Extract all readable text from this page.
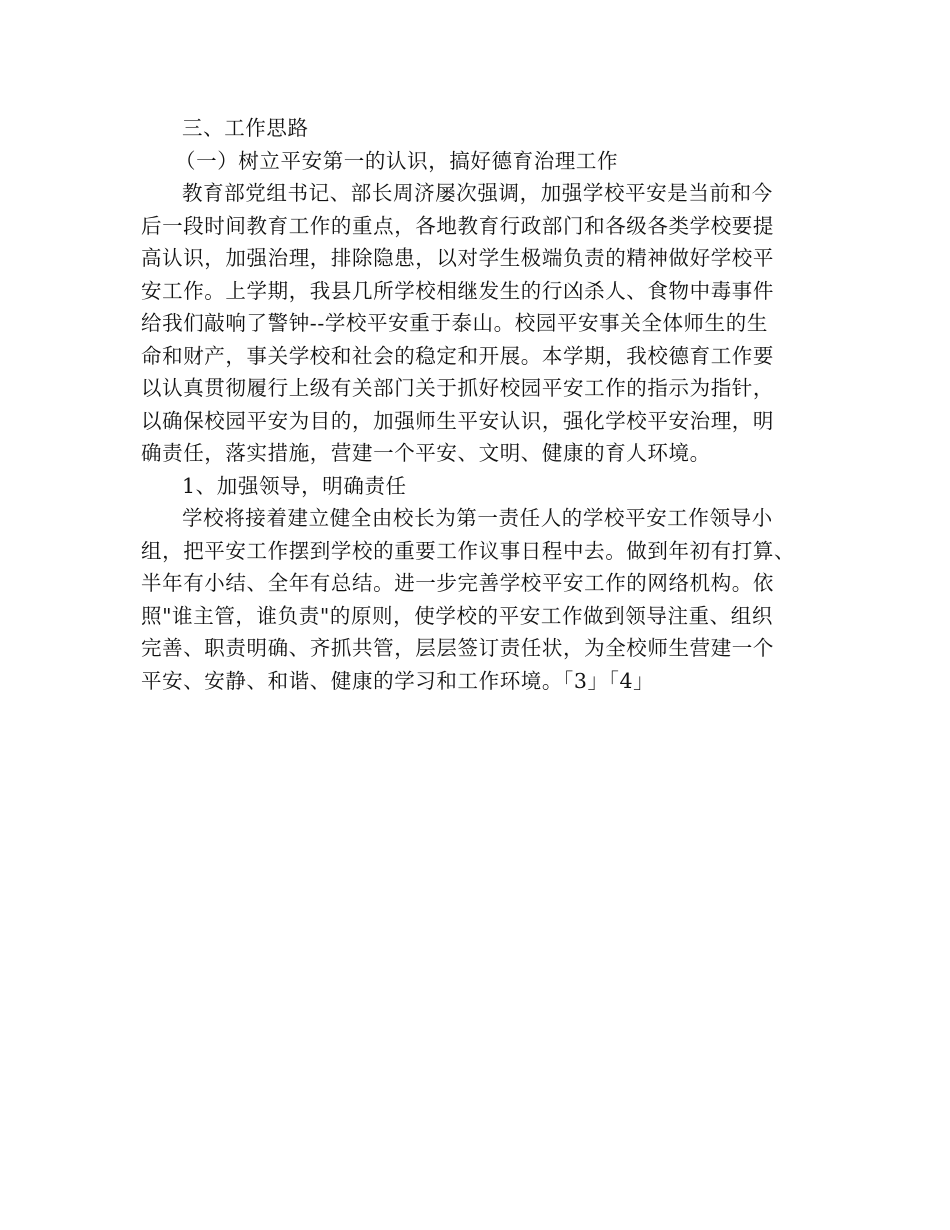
三、工作思路
（一）树立平安第一的认识，搞好德育治理工作
教育部党组书记、部长周济屡次强调，加强学校平安是当前和今
后一段时间教育工作的重点，各地教育行政部门和各级各类学校要提
高认识，加强治理，排除隐患，以对学生极端负责的精神做好学校平
安工作。上学期，我县几所学校相继发生的行凶杀人、食物中毒事件
给我们敲响了警钟--学校平安重于泰山。校园平安事关全体师生的生
命和财产，事关学校和社会的稳定和开展。本学期，我校德育工作要
以认真贯彻履行上级有关部门关于抓好校园平安工作的指示为指针，
以确保校园平安为目的，加强师生平安认识，强化学校平安治理，明
确责任，落实措施，营建一个平安、文明、健康的育人环境。
1、加强领导，明确责任
学校将接着建立健全由校长为第一责任人的学校平安工作领导小
组，把平安工作摆到学校的重要工作议事日程中去。做到年初有打算、
半年有小结、全年有总结。进一步完善学校平安工作的网络机构。依
照"谁主管，谁负责"的原则，使学校的平安工作做到领导注重、组织
完善、职责明确、齐抓共管，层层签订责任状，为全校师生营建一个
平安、安静、和谐、健康的学习和工作环境。「3」「4」
